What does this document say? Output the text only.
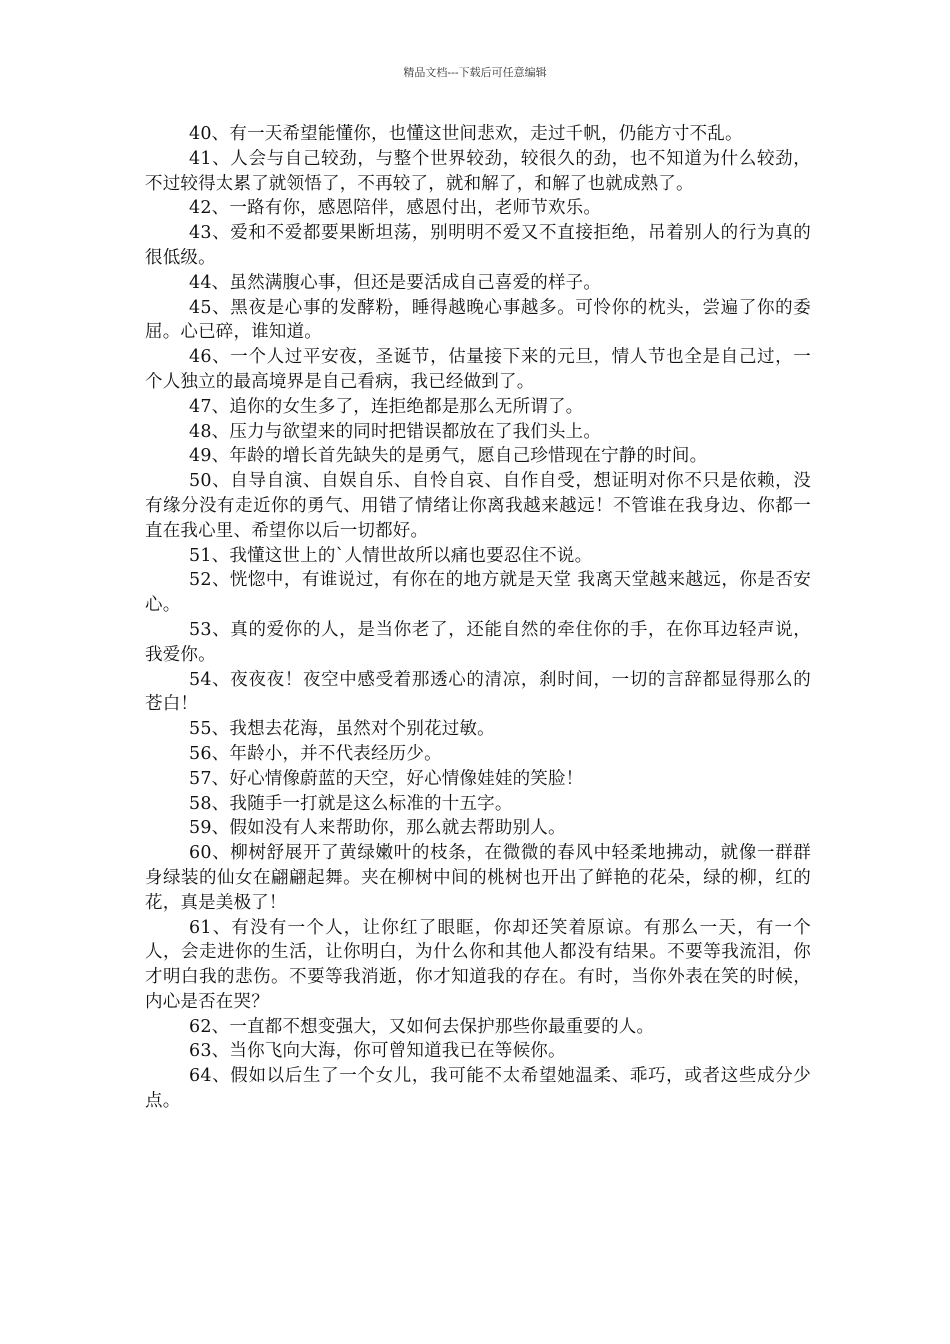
精品文档---下载后可任意编辑

40、有一天希望能懂你，也懂这世间悲欢，走过千帆，仍能方寸不乱。

41、人会与自己较劲，与整个世界较劲，较很久的劲，也不知道为什么较劲，不过较得太累了就领悟了，不再较了，就和解了，和解了也就成熟了。

42、一路有你，感恩陪伴，感恩付出，老师节欢乐。

43、爱和不爱都要果断坦荡，别明明不爱又不直接拒绝，吊着别人的行为真的很低级。

44、虽然满腹心事，但还是要活成自己喜爱的样子。

45、黑夜是心事的发酵粉，睡得越晚心事越多。可怜你的枕头，尝遍了你的委屈。心已碎，谁知道。

46、一个人过平安夜，圣诞节，估量接下来的元旦，情人节也全是自己过，一个人独立的最高境界是自己看病，我已经做到了。

47、追你的女生多了，连拒绝都是那么无所谓了。

48、压力与欲望来的同时把错误都放在了我们头上。

49、年龄的增长首先缺失的是勇气，愿自己珍惜现在宁静的时间。

50、自导自演、自娱自乐、自怜自哀、自作自受，想证明对你不只是依赖，没有缘分没有走近你的勇气、用错了情绪让你离我越来越远！不管谁在我身边、你都一直在我心里、希望你以后一切都好。

51、我懂这世上的`人情世故所以痛也要忍住不说。

52、恍惚中，有谁说过，有你在的地方就是天堂 我离天堂越来越远，你是否安心。

53、真的爱你的人，是当你老了，还能自然的牵住你的手，在你耳边轻声说，我爱你。

54、夜夜夜！夜空中感受着那透心的清凉，刹时间，一切的言辞都显得那么的苍白！

55、我想去花海，虽然对个别花过敏。

56、年龄小，并不代表经历少。

57、好心情像蔚蓝的天空，好心情像娃娃的笑脸！

58、我随手一打就是这么标准的十五字。

59、假如没有人来帮助你，那么就去帮助别人。

60、柳树舒展开了黄绿嫩叶的枝条，在微微的春风中轻柔地拂动，就像一群群身绿装的仙女在翩翩起舞。夹在柳树中间的桃树也开出了鲜艳的花朵，绿的柳，红的花，真是美极了！

61、有没有一个人，让你红了眼眶，你却还笑着原谅。有那么一天，有一个人，会走进你的生活，让你明白，为什么你和其他人都没有结果。不要等我流泪，你才明白我的悲伤。不要等我消逝，你才知道我的存在。有时，当你外表在笑的时候，内心是否在哭？

62、一直都不想变强大，又如何去保护那些你最重要的人。

63、当你飞向大海，你可曾知道我已在等候你。

64、假如以后生了一个女儿，我可能不太希望她温柔、乖巧，或者这些成分少点。
